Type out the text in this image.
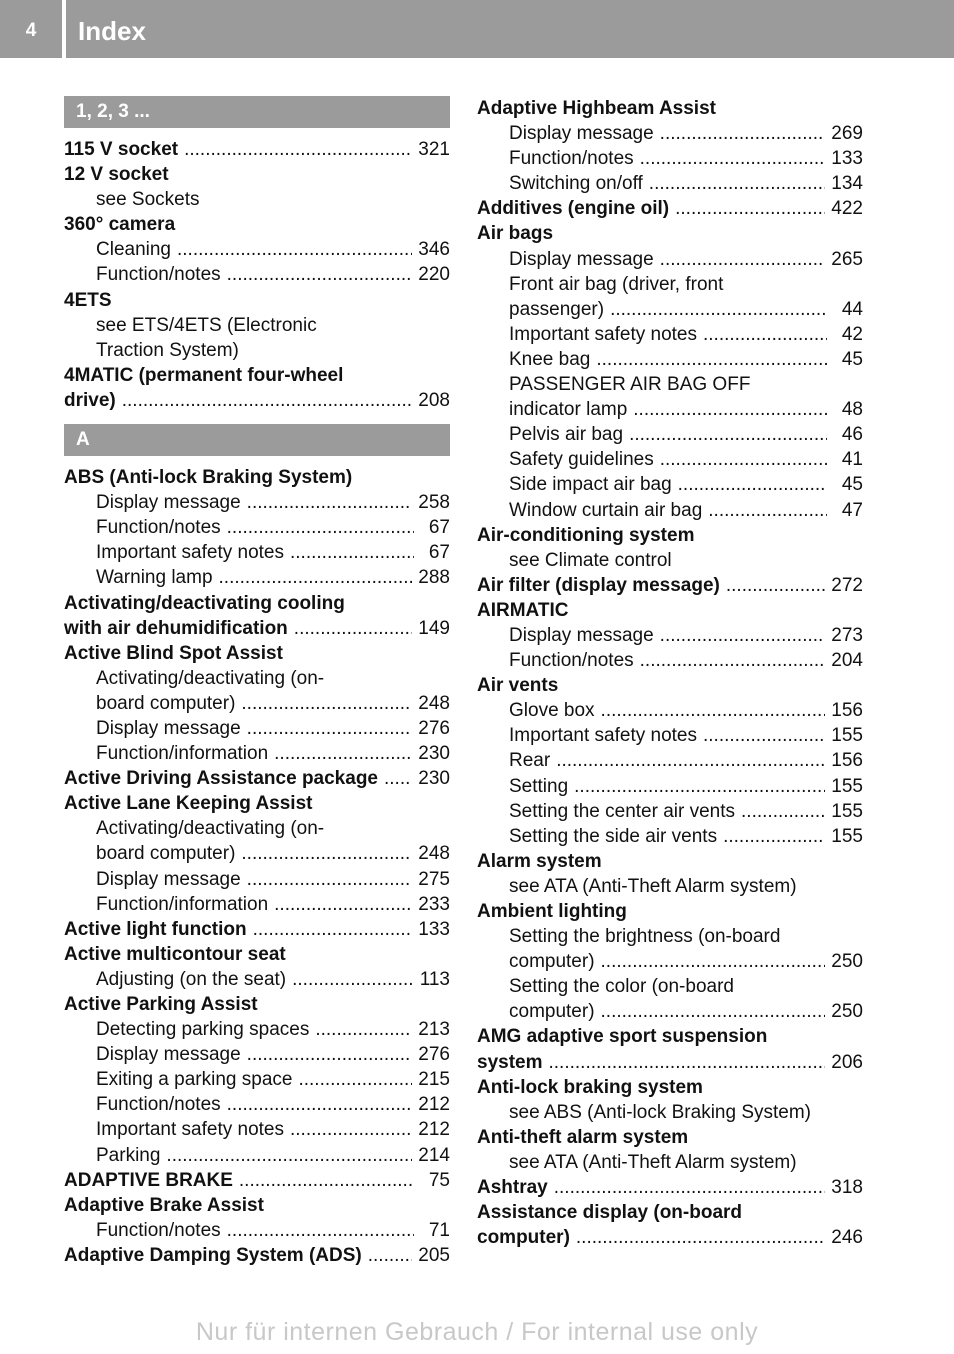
4	Index
1, 2, 3 ...
115 V socket .....	321
12 V socket
see Sockets
360° camera
Cleaning .....	346
Function/notes .....	220
4ETS
see ETS/4ETS (Electronic
Traction System)
4MATIC (permanent four-wheel
drive) .....	208
A
ABS (Anti-lock Braking System)
Display message .....	258
Function/notes .....	67
Important safety notes .....	67
Warning lamp .....	288
Activating/deactivating cooling
with air dehumidification .....	149
Active Blind Spot Assist
Activating/deactivating (on-
board computer) .....	248
Display message .....	276
Function/information .....	230
Active Driving Assistance package ..... 230
Active Lane Keeping Assist
Activating/deactivating (on-
board computer) .....	248
Display message .....	275
Function/information .....	233
Active light function .....	133
Active multicontour seat
Adjusting (on the seat) .....	113
Active Parking Assist
Detecting parking spaces .....	213
Display message .....	276
Exiting a parking space .....	215
Function/notes .....	212
Important safety notes .....	212
Parking .....	214
ADAPTIVE BRAKE .....	75
Adaptive Brake Assist
Function/notes .....	71
Adaptive Damping System (ADS) .....	205
Adaptive Highbeam Assist
Display message .....	269
Function/notes .....	133
Switching on/off .....	134
Additives (engine oil) .....	422
Air bags
Display message .....	265
Front air bag (driver, front
passenger) .....	44
Important safety notes .....	42
Knee bag .....	45
PASSENGER AIR BAG OFF
indicator lamp .....	48
Pelvis air bag .....	46
Safety guidelines .....	41
Side impact air bag .....	45
Window curtain air bag .....	47
Air-conditioning system
see Climate control
Air filter (display message) .....	272
AIRMATIC
Display message .....	273
Function/notes .....	204
Air vents
Glove box .....	156
Important safety notes .....	155
Rear .....	156
Setting .....	155
Setting the center air vents .....	155
Setting the side air vents .....	155
Alarm system
see ATA (Anti-Theft Alarm system)
Ambient lighting
Setting the brightness (on-board
computer) .....	250
Setting the color (on-board
computer) .....	250
AMG adaptive sport suspension
system .....	206
Anti-lock braking system
see ABS (Anti-lock Braking System)
Anti-theft alarm system
see ATA (Anti-Theft Alarm system)
Ashtray .....	318
Assistance display (on-board
computer) .....	246
Nur für internen Gebrauch / For internal use only
